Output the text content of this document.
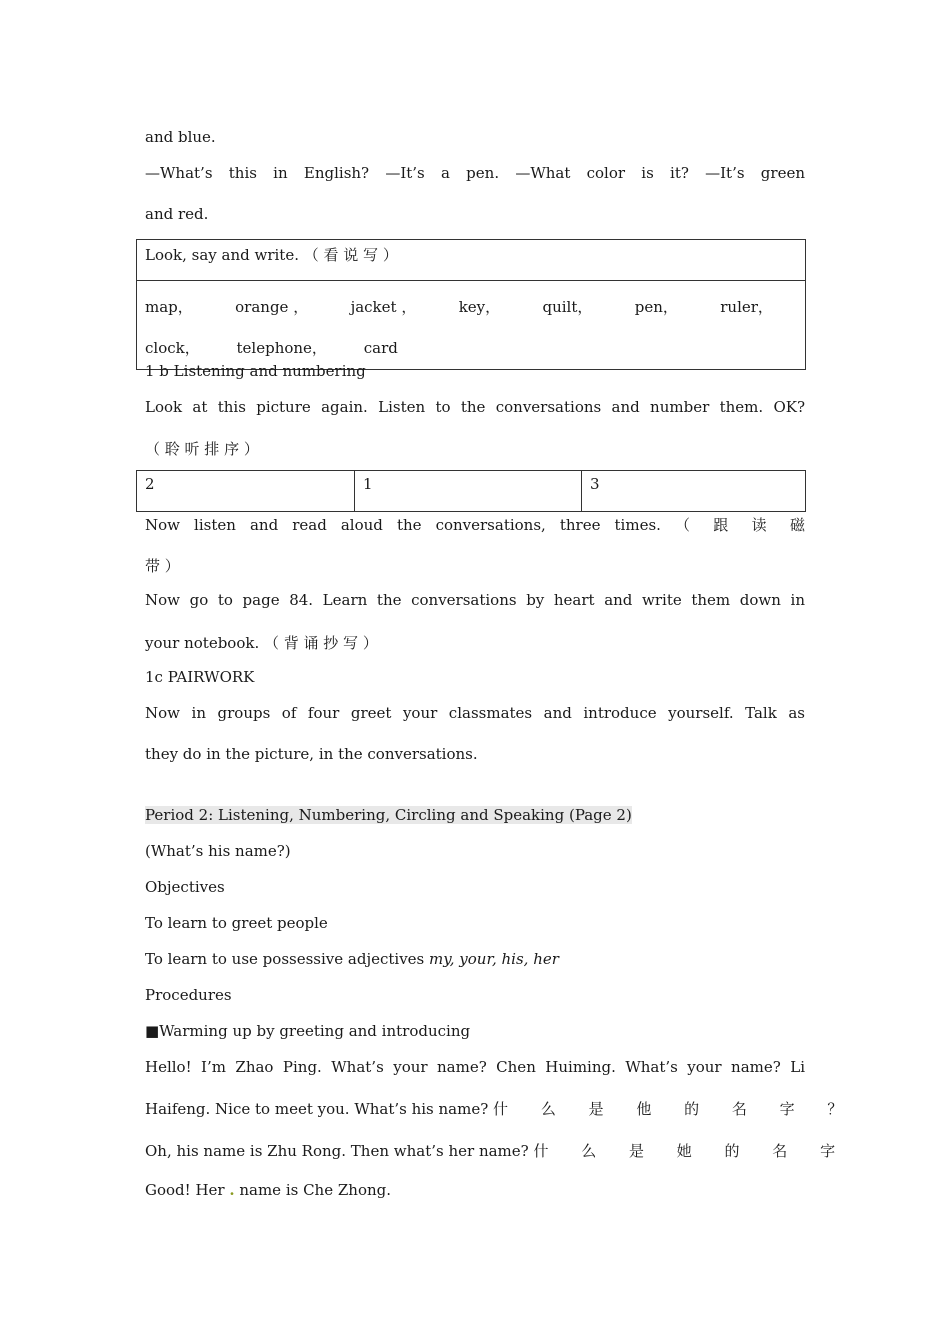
and blue.
—What’s this in English? —It’s a pen. —What color is it? —It’s green
and red.
Look, say and write. （ 看 说 写 ）

map，	orange ，	jacket ，	key，	quilt，	pen，	ruler，
clock， telephone， card
1 b Listening and numbering
Look at this picture again. Listen to the conversations and number them. OK?
（ 聆 听 排 序 ）
2	1	3
Now listen and read aloud the conversations, three times. （ 跟 读 磁
带 ）
Now go to page 84. Learn the conversations by heart and write them down in
your notebook. （ 背 诵 抄 写 ）
1c PAIRWORK
Now in groups of four greet your classmates and introduce yourself. Talk as
they do in the picture, in the conversations.
Period 2: Listening, Numbering, Circling and Speaking (Page 2)
(What’s his name?)
Objectives
To learn to greet people
To learn to use possessive adjectives my, your, his, her
Procedures
■Warming up by greeting and introducing
Hello! I’m Zhao Ping. What’s your name? Chen Huiming. What’s your name? Li
Haifeng. Nice to meet you. What’s his name? 什 么 是 他 的 名 字 ？
Oh, his name is Zhu Rong. Then what’s her name? 什 么 是 她 的 名 字
Good! Her . name is Che Zhong.
